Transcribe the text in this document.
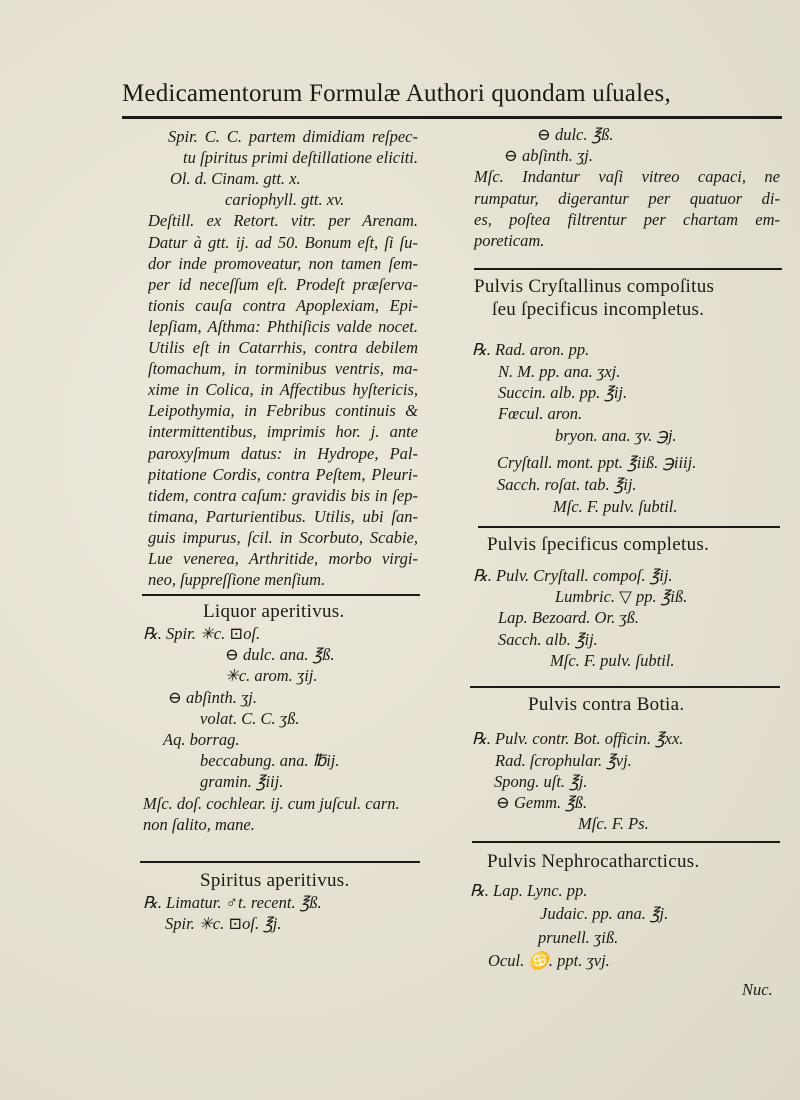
Medicamentorum Formulæ Authori quondam uſuales,
Spir. C. C. partem dimidiam reſpec-
tu ſpiritus primi deſtillatione eliciti.
Ol. d. Cinam. gtt. x.
cariophyll. gtt. xv.
Deſtill. ex Retort. vitr. per Arenam.
Datur à gtt. ij. ad 50. Bonum eſt, ſi ſu-
dor inde promoveatur, non tamen ſem-
per id neceſſum eſt. Prodeſt præſerva-
tionis cauſa contra Apoplexiam, Epi-
lepſiam, Aſthma: Phthiſicis valde nocet.
Utilis eſt in Catarrhis, contra debilem
ſtomachum, in torminibus ventris, ma-
xime in Colica, in Affectibus hyſtericis,
Leipothymia, in Febribus continuis &
intermittentibus, imprimis hor. j. ante
paroxyſmum datus: in Hydrope, Pal-
pitatione Cordis, contra Peſtem, Pleuri-
tidem, contra caſum: gravidis bis in ſep-
timana, Parturientibus. Utilis, ubi ſan-
guis impurus, ſcil. in Scorbuto, Scabie,
Lue venerea, Arthritide, morbo virgi-
neo, ſuppreſſione menſium.
Liquor aperitivus.
℞. Spir. ✳c. ⊡oſ.
⊖ dulc. ana. ℥ß.
✳c. arom. ʒij.
⊖ abſinth. ʒj.
volat. C. C. ʒß.
Aq. borrag.
beccabung. ana. ℔ij.
gramin. ℥iij.
Mſc. doſ. cochlear. ij. cum juſcul. carn.
non ſalito, mane.
Spiritus aperitivus.
℞. Limatur. ♂t. recent. ℥ß.
Spir. ✳c. ⊡oſ. ℥j.
⊖ dulc. ℥ß.
⊖ abſinth. ʒj.
Mſc. Indantur vaſi vitreo capaci, ne
rumpatur, digerantur per quatuor di-
es, poſtea filtrentur per chartam em-
poreticam.
Pulvis Cryſtallinus compoſitus
ſeu ſpecificus incompletus.
℞. Rad. aron. pp.
N. M. pp. ana. ʒxj.
Succin. alb. pp. ℥ij.
Fœcul. aron.
bryon. ana. ʒv. ℈j.
Cryſtall. mont. ppt. ℥iiß. ℈iiij.
Sacch. roſat. tab. ℥ij.
Mſc. F. pulv. ſubtil.
Pulvis ſpecificus completus.
℞. Pulv. Cryſtall. compoſ. ℥ij.
Lumbric. ▽ pp. ℥iß.
Lap. Bezoard. Or. ʒß.
Sacch. alb. ℥ij.
Mſc. F. pulv. ſubtil.
Pulvis contra Botia.
℞. Pulv. contr. Bot. officin. ℥xx.
Rad. ſcrophular. ℥vj.
Spong. uſt. ℥j.
⊖ Gemm. ℥ß.
Mſc. F. Ps.
Pulvis Nephrocatharcticus.
℞. Lap. Lync. pp.
Judaic. pp. ana. ℥j.
prunell. ʒiß.
Ocul. ♋. ppt. ʒvj.
Nuc.
